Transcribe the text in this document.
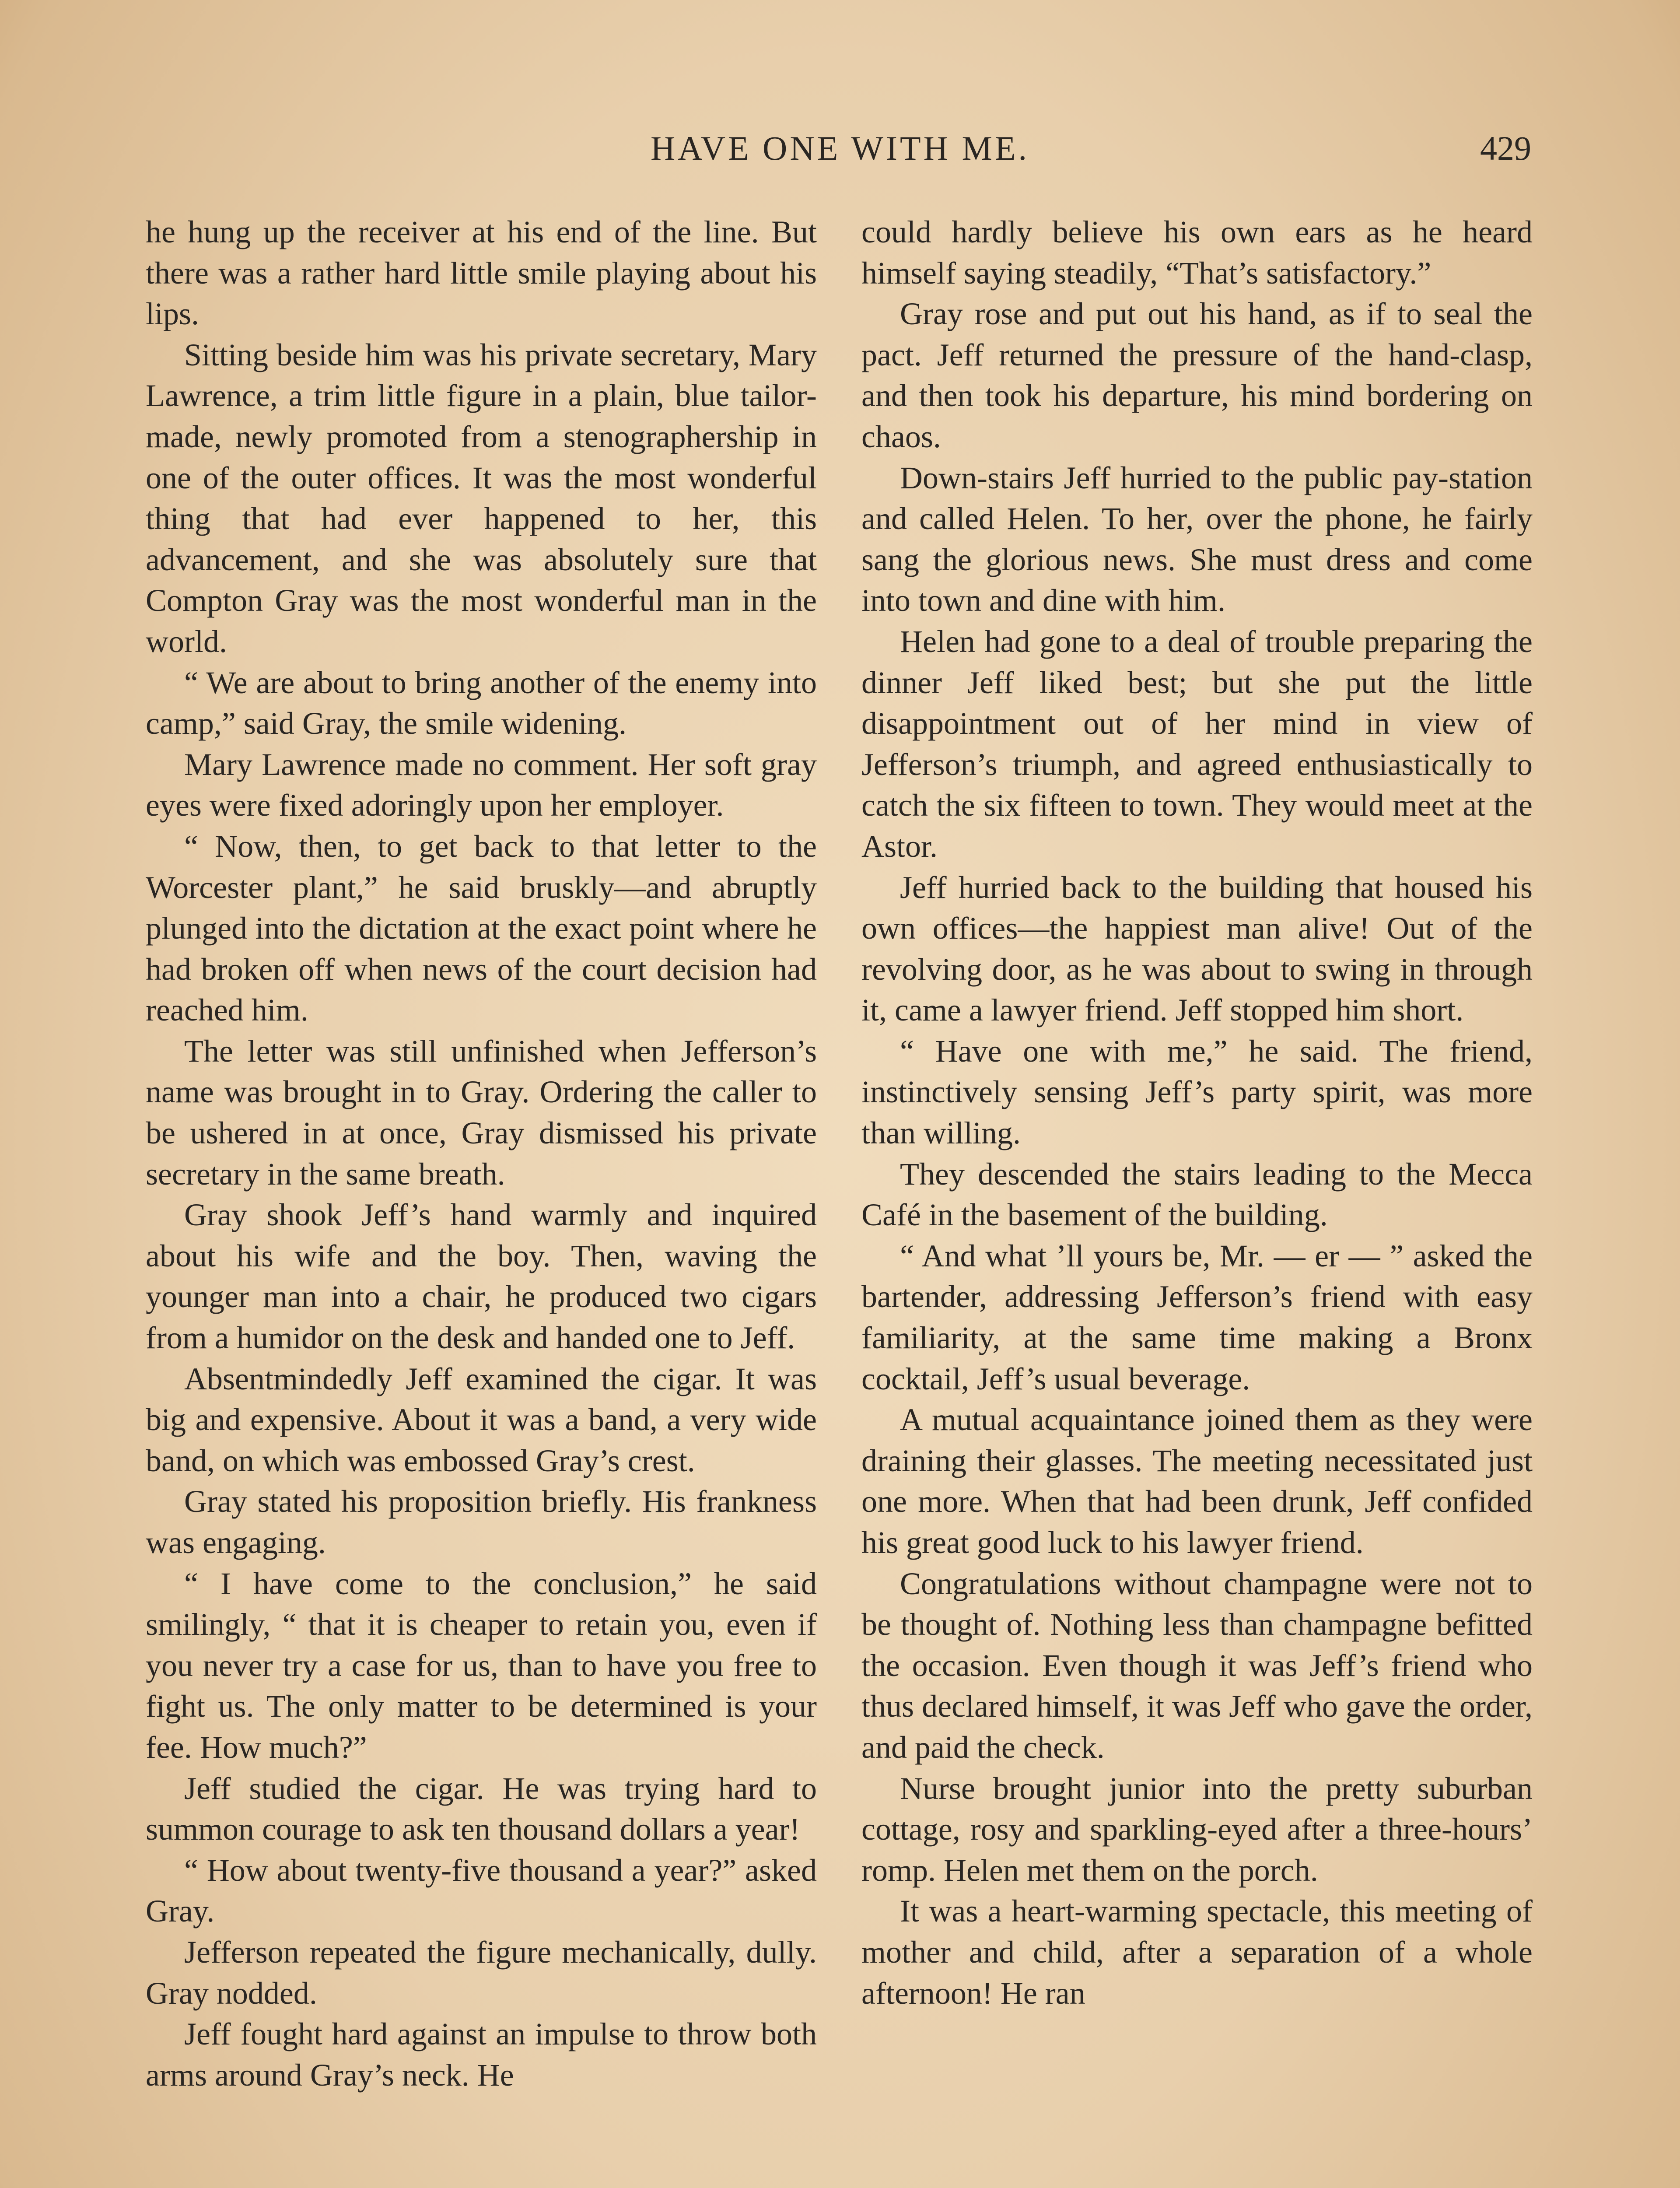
HAVE ONE WITH ME.	429

he hung up the receiver at his end of the line. But there was a rather hard little smile playing about his lips.

Sitting beside him was his private secretary, Mary Lawrence, a trim little figure in a plain, blue tailor-made, newly promoted from a stenographership in one of the outer offices. It was the most wonderful thing that had ever happened to her, this advancement, and she was absolutely sure that Compton Gray was the most wonderful man in the world.

“ We are about to bring another of the enemy into camp,” said Gray, the smile widening.

Mary Lawrence made no comment. Her soft gray eyes were fixed adoringly upon her employer.

“ Now, then, to get back to that letter to the Worcester plant,” he said bruskly—and abruptly plunged into the dictation at the exact point where he had broken off when news of the court decision had reached him.

The letter was still unfinished when Jefferson’s name was brought in to Gray. Ordering the caller to be ushered in at once, Gray dismissed his private secretary in the same breath.

Gray shook Jeff’s hand warmly and inquired about his wife and the boy. Then, waving the younger man into a chair, he produced two cigars from a humidor on the desk and handed one to Jeff.

Absentmindedly Jeff examined the cigar. It was big and expensive. About it was a band, a very wide band, on which was embossed Gray’s crest.

Gray stated his proposition briefly. His frankness was engaging.

“ I have come to the conclusion,” he said smilingly, “ that it is cheaper to retain you, even if you never try a case for us, than to have you free to fight us. The only matter to be determined is your fee. How much?”

Jeff studied the cigar. He was trying hard to summon courage to ask ten thousand dollars a year!

“ How about twenty-five thousand a year?” asked Gray.

Jefferson repeated the figure mechanically, dully. Gray nodded.

Jeff fought hard against an impulse to throw both arms around Gray’s neck. He

could hardly believe his own ears as he heard himself saying steadily, “That’s satisfactory.”

Gray rose and put out his hand, as if to seal the pact. Jeff returned the pressure of the hand-clasp, and then took his departure, his mind bordering on chaos.

Down-stairs Jeff hurried to the public pay-station and called Helen. To her, over the phone, he fairly sang the glorious news. She must dress and come into town and dine with him.

Helen had gone to a deal of trouble preparing the dinner Jeff liked best; but she put the little disappointment out of her mind in view of Jefferson’s triumph, and agreed enthusiastically to catch the six fifteen to town. They would meet at the Astor.

Jeff hurried back to the building that housed his own offices—the happiest man alive! Out of the revolving door, as he was about to swing in through it, came a lawyer friend. Jeff stopped him short.

“ Have one with me,” he said. The friend, instinctively sensing Jeff’s party spirit, was more than willing.

They descended the stairs leading to the Mecca Café in the basement of the building.

“ And what ’ll yours be, Mr. — er — ” asked the bartender, addressing Jefferson’s friend with easy familiarity, at the same time making a Bronx cocktail, Jeff’s usual beverage.

A mutual acquaintance joined them as they were draining their glasses. The meeting necessitated just one more. When that had been drunk, Jeff confided his great good luck to his lawyer friend.

Congratulations without champagne were not to be thought of. Nothing less than champagne befitted the occasion. Even though it was Jeff’s friend who thus declared himself, it was Jeff who gave the order, and paid the check.

Nurse brought junior into the pretty suburban cottage, rosy and sparkling-eyed after a three-hours’ romp. Helen met them on the porch.

It was a heart-warming spectacle, this meeting of mother and child, after a separation of a whole afternoon! He ran
